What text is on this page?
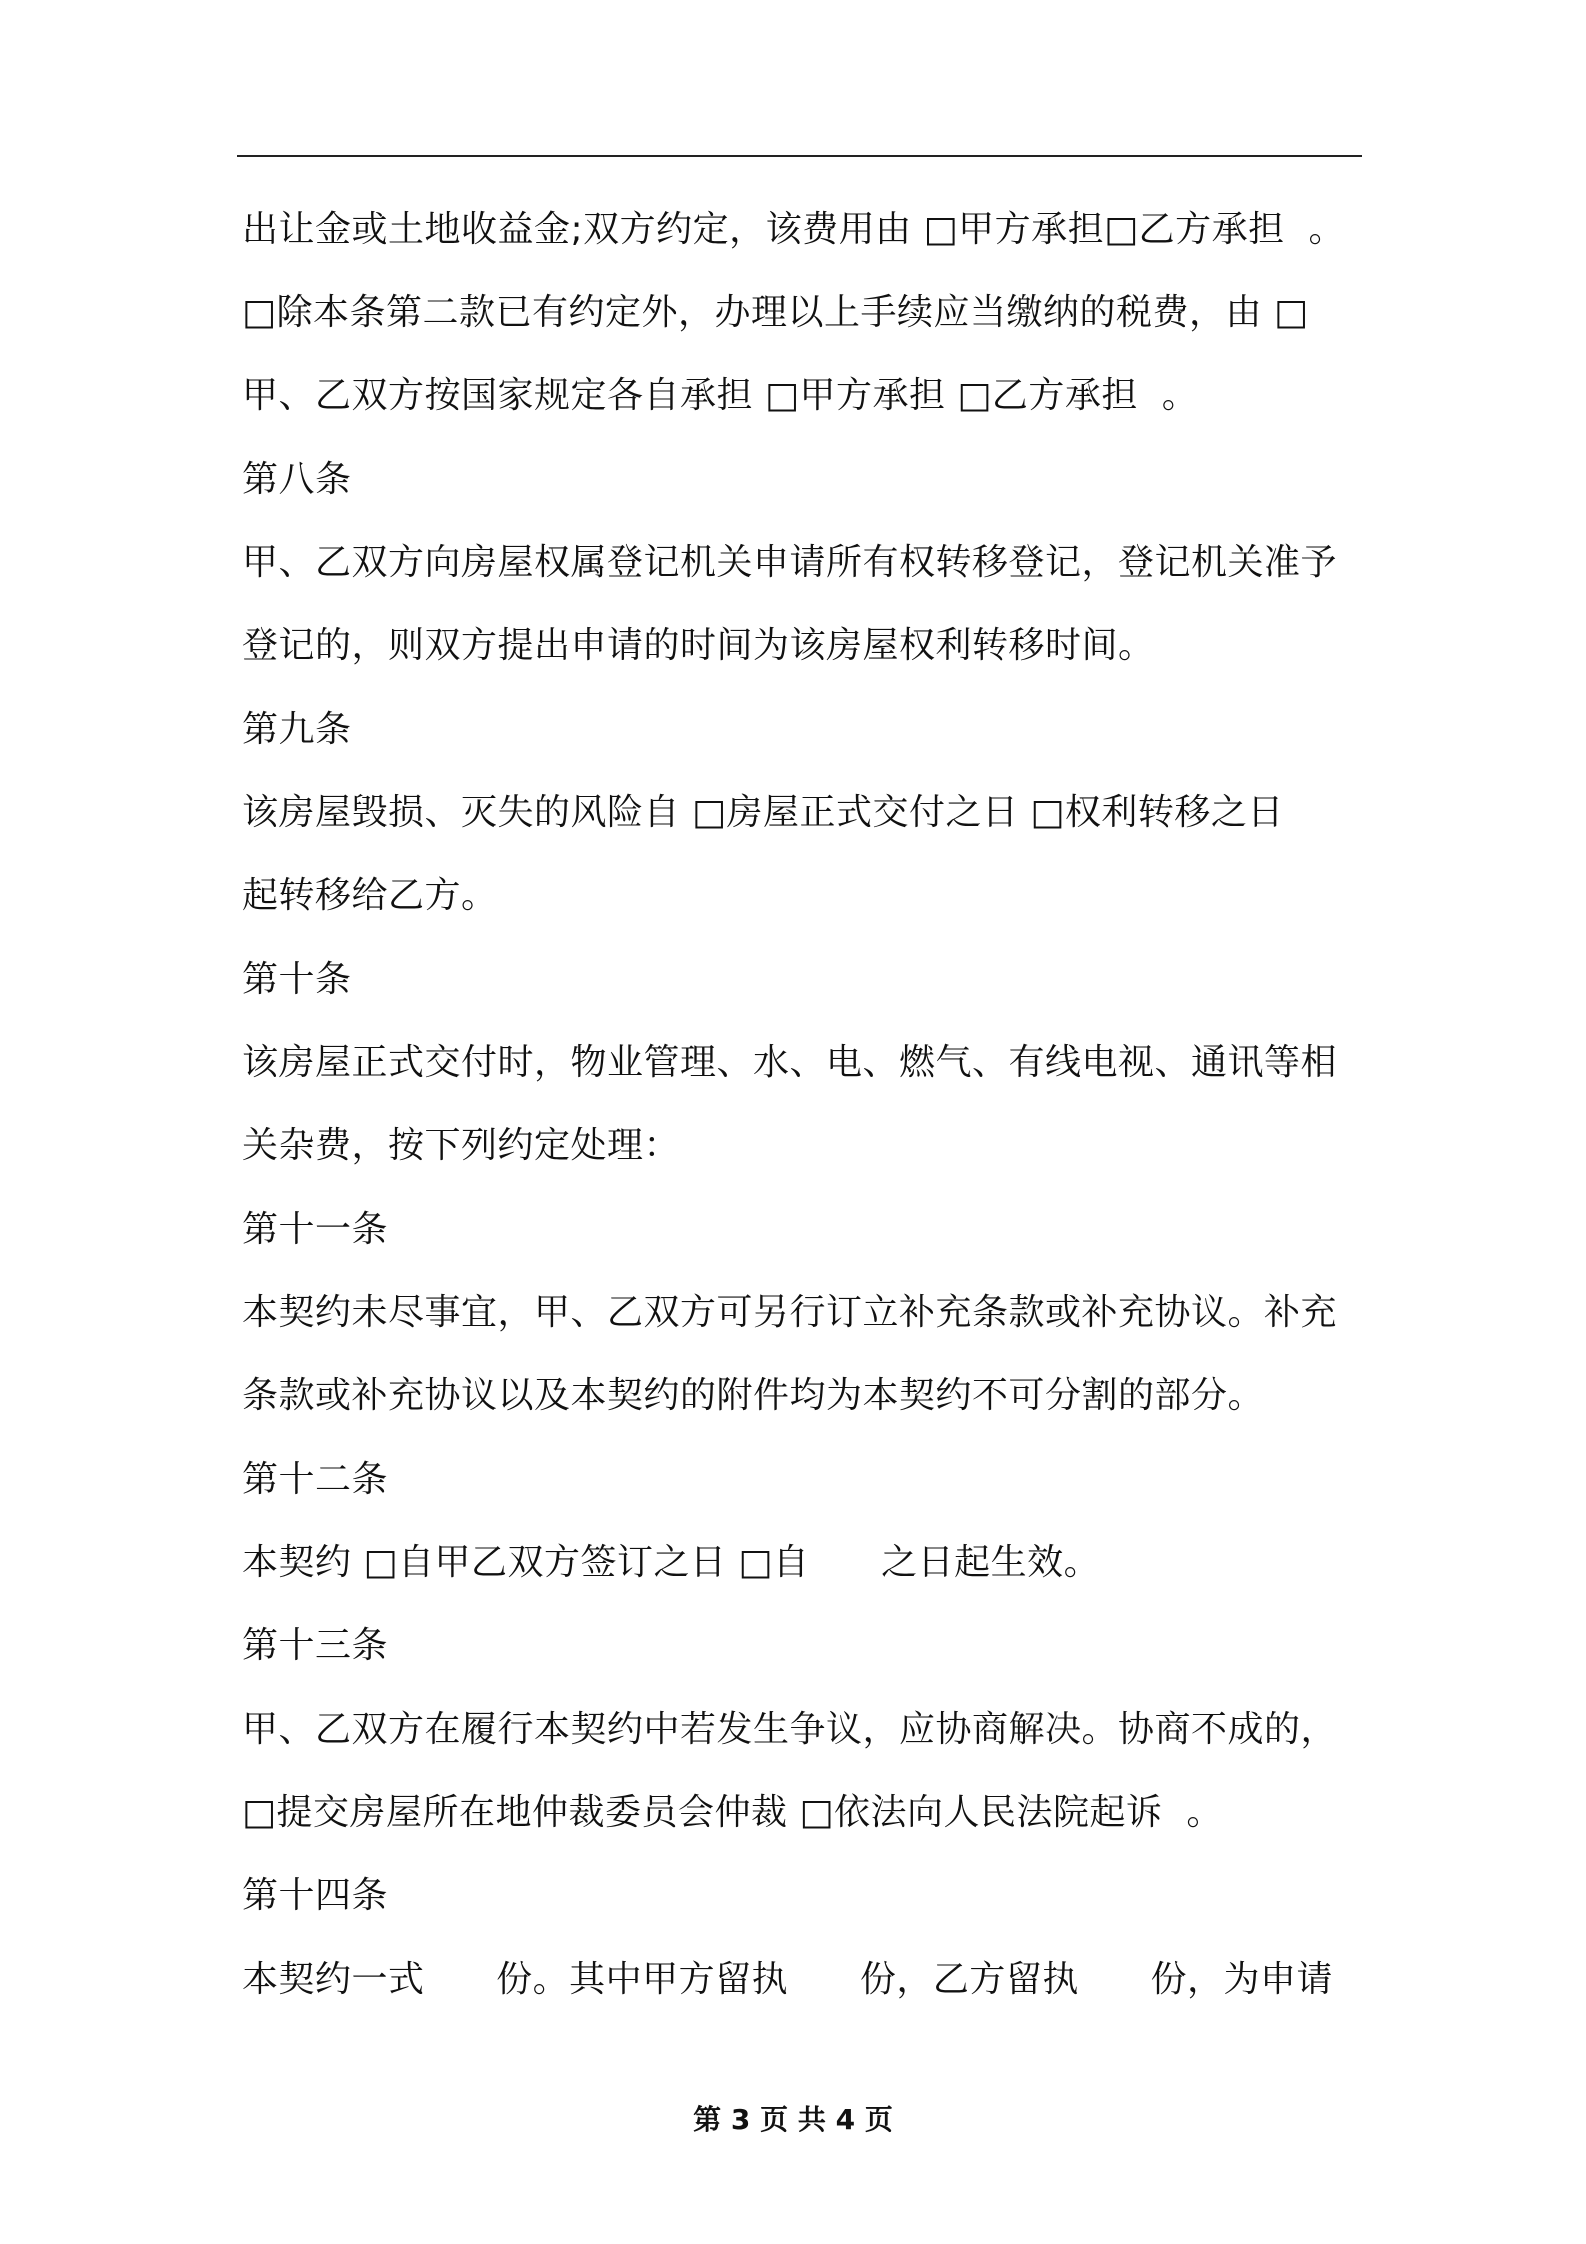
出让金或土地收益金;双方约定，该费用由 □甲方承担□乙方承担  。
□除本条第二款已有约定外，办理以上手续应当缴纳的税费，由 □
甲、乙双方按国家规定各自承担 □甲方承担 □乙方承担  。
第八条
甲、乙双方向房屋权属登记机关申请所有权转移登记，登记机关准予
登记的，则双方提出申请的时间为该房屋权利转移时间。
第九条
该房屋毁损、灭失的风险自 □房屋正式交付之日 □权利转移之日
起转移给乙方。
第十条
该房屋正式交付时，物业管理、水、电、燃气、有线电视、通讯等相
关杂费，按下列约定处理：
第十一条
本契约未尽事宜，甲、乙双方可另行订立补充条款或补充协议。补充
条款或补充协议以及本契约的附件均为本契约不可分割的部分。
第十二条
本契约 □自甲乙双方签订之日 □自      之日起生效。
第十三条
甲、乙双方在履行本契约中若发生争议，应协商解决。协商不成的，
□提交房屋所在地仲裁委员会仲裁 □依法向人民法院起诉  。
第十四条
本契约一式      份。其中甲方留执      份，乙方留执      份，为申请
第 3 页 共 4 页
